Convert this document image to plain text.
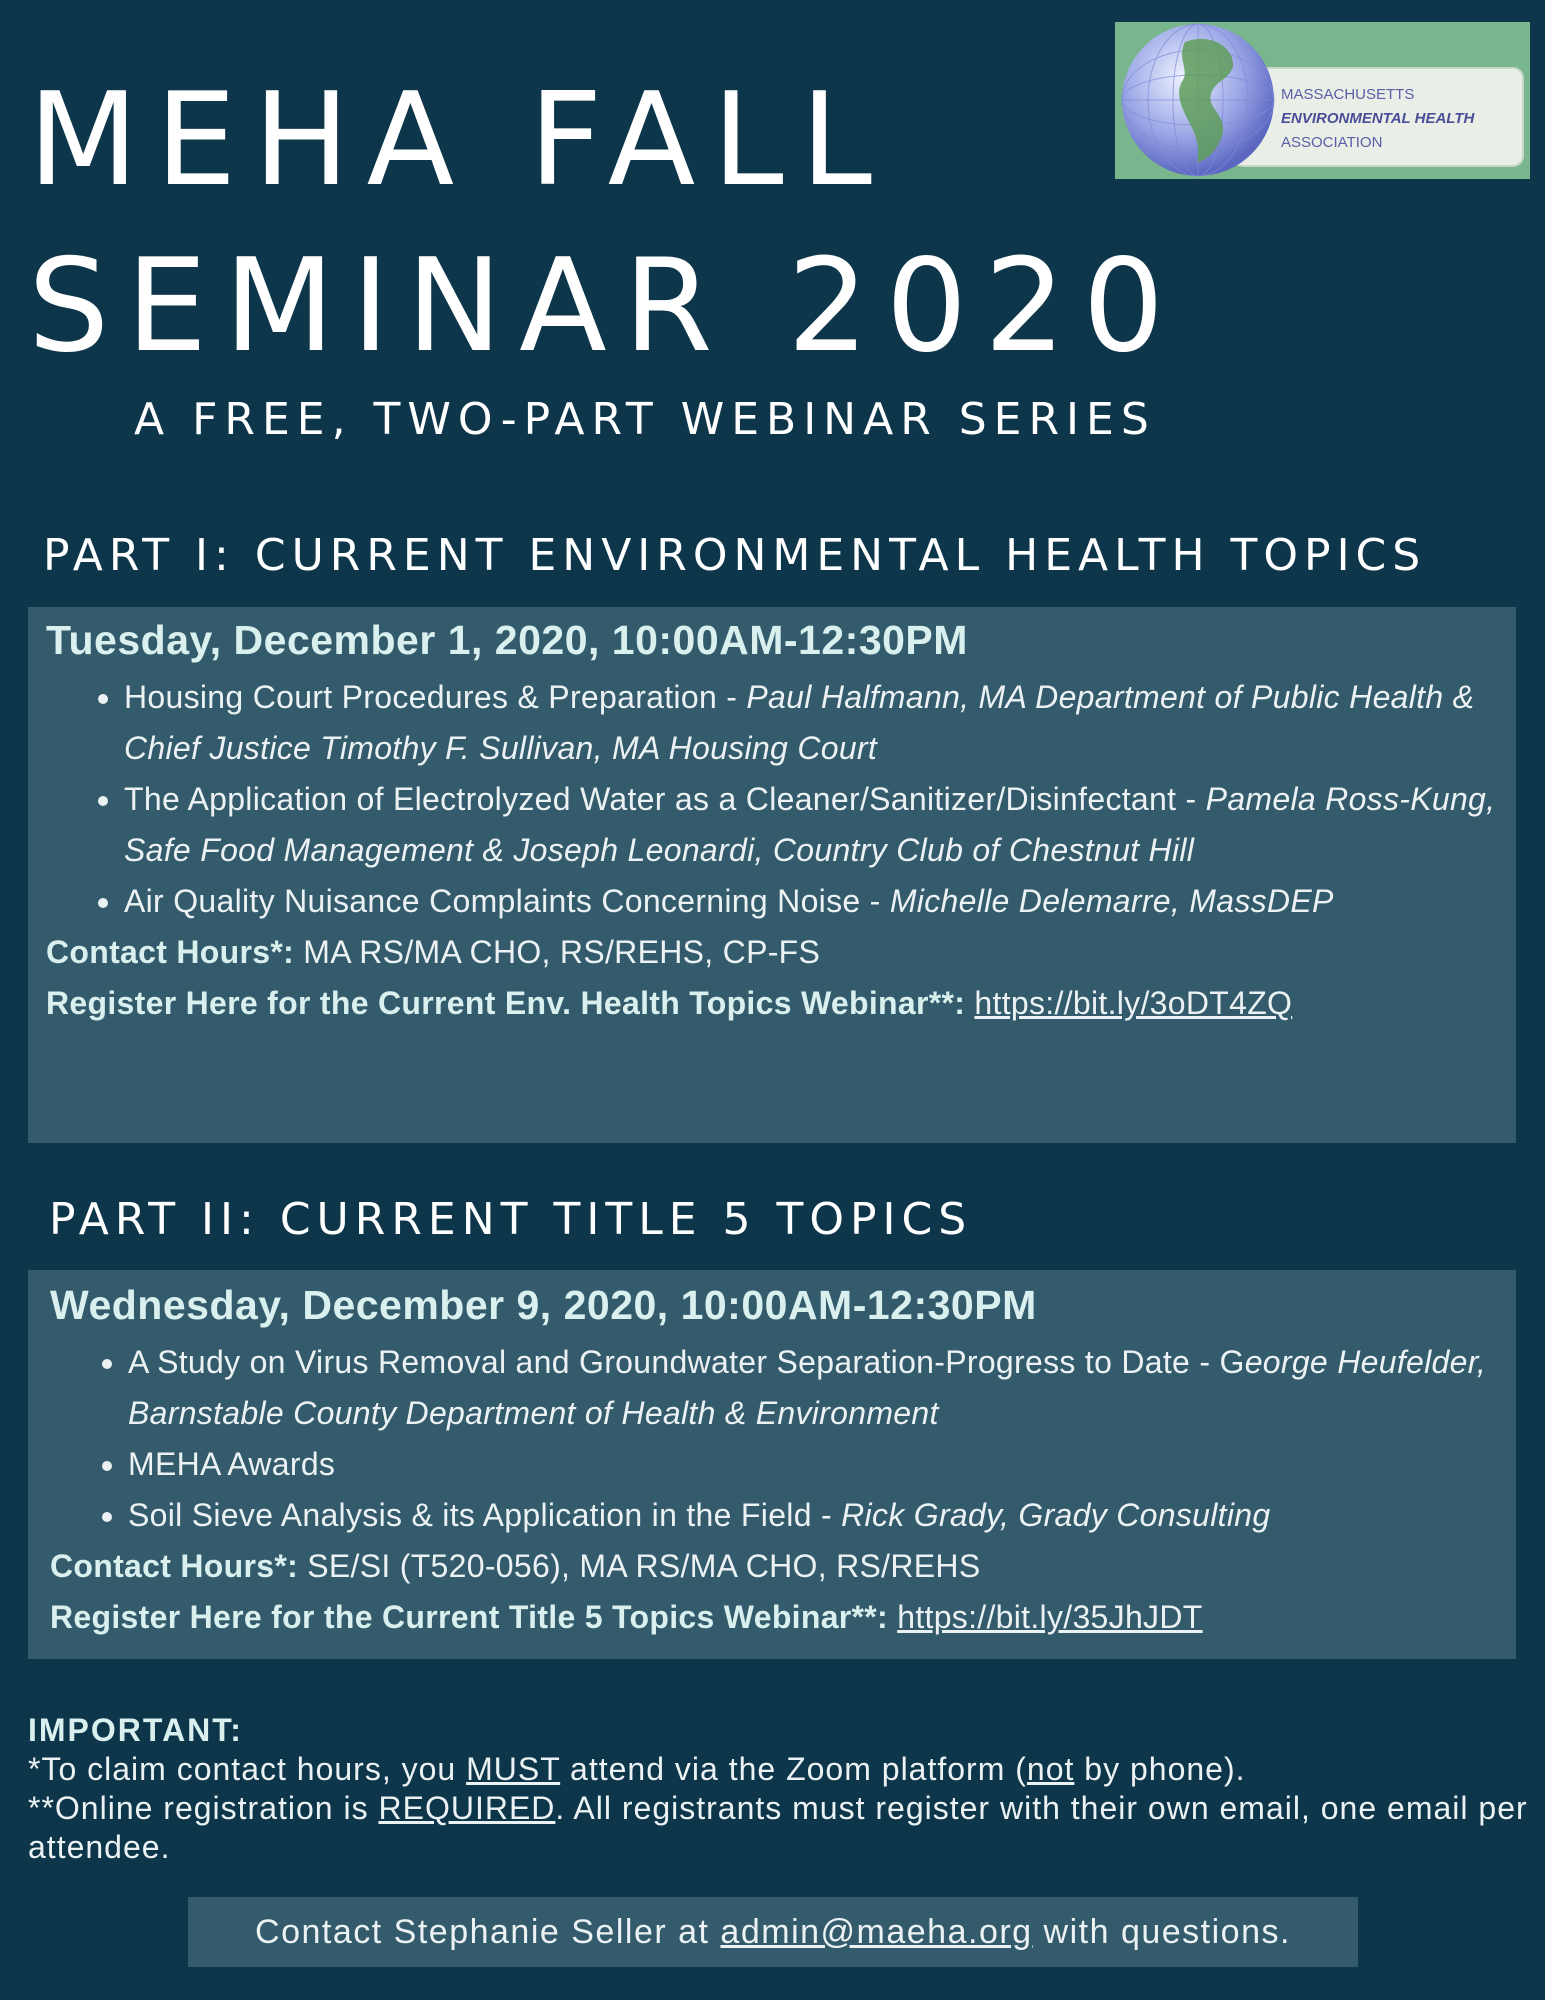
MEHA FALL
SEMINAR 2020
A FREE, TWO-PART WEBINAR SERIES
MASSACHUSETTS
ENVIRONMENTAL HEALTH
ASSOCIATION
PART I: CURRENT ENVIRONMENTAL HEALTH TOPICS
Tuesday, December 1, 2020, 10:00AM-12:30PM
• Housing Court Procedures & Preparation - Paul Halfmann, MA Department of Public Health & Chief Justice Timothy F. Sullivan, MA Housing Court
• The Application of Electrolyzed Water as a Cleaner/Sanitizer/Disinfectant - Pamela Ross-Kung, Safe Food Management & Joseph Leonardi, Country Club of Chestnut Hill
• Air Quality Nuisance Complaints Concerning Noise - Michelle Delemarre, MassDEP
Contact Hours*: MA RS/MA CHO, RS/REHS, CP-FS
Register Here for the Current Env. Health Topics Webinar**: https://bit.ly/3oDT4ZQ
PART II: CURRENT TITLE 5 TOPICS
Wednesday, December 9, 2020, 10:00AM-12:30PM
• A Study on Virus Removal and Groundwater Separation-Progress to Date - George Heufelder, Barnstable County Department of Health & Environment
• MEHA Awards
• Soil Sieve Analysis & its Application in the Field - Rick Grady, Grady Consulting
Contact Hours*: SE/SI (T520-056), MA RS/MA CHO, RS/REHS
Register Here for the Current Title 5 Topics Webinar**: https://bit.ly/35JhJDT
IMPORTANT:
*To claim contact hours, you MUST attend via the Zoom platform (not by phone).
**Online registration is REQUIRED. All registrants must register with their own email, one email per attendee.
Contact Stephanie Seller at admin@maeha.org with questions.
